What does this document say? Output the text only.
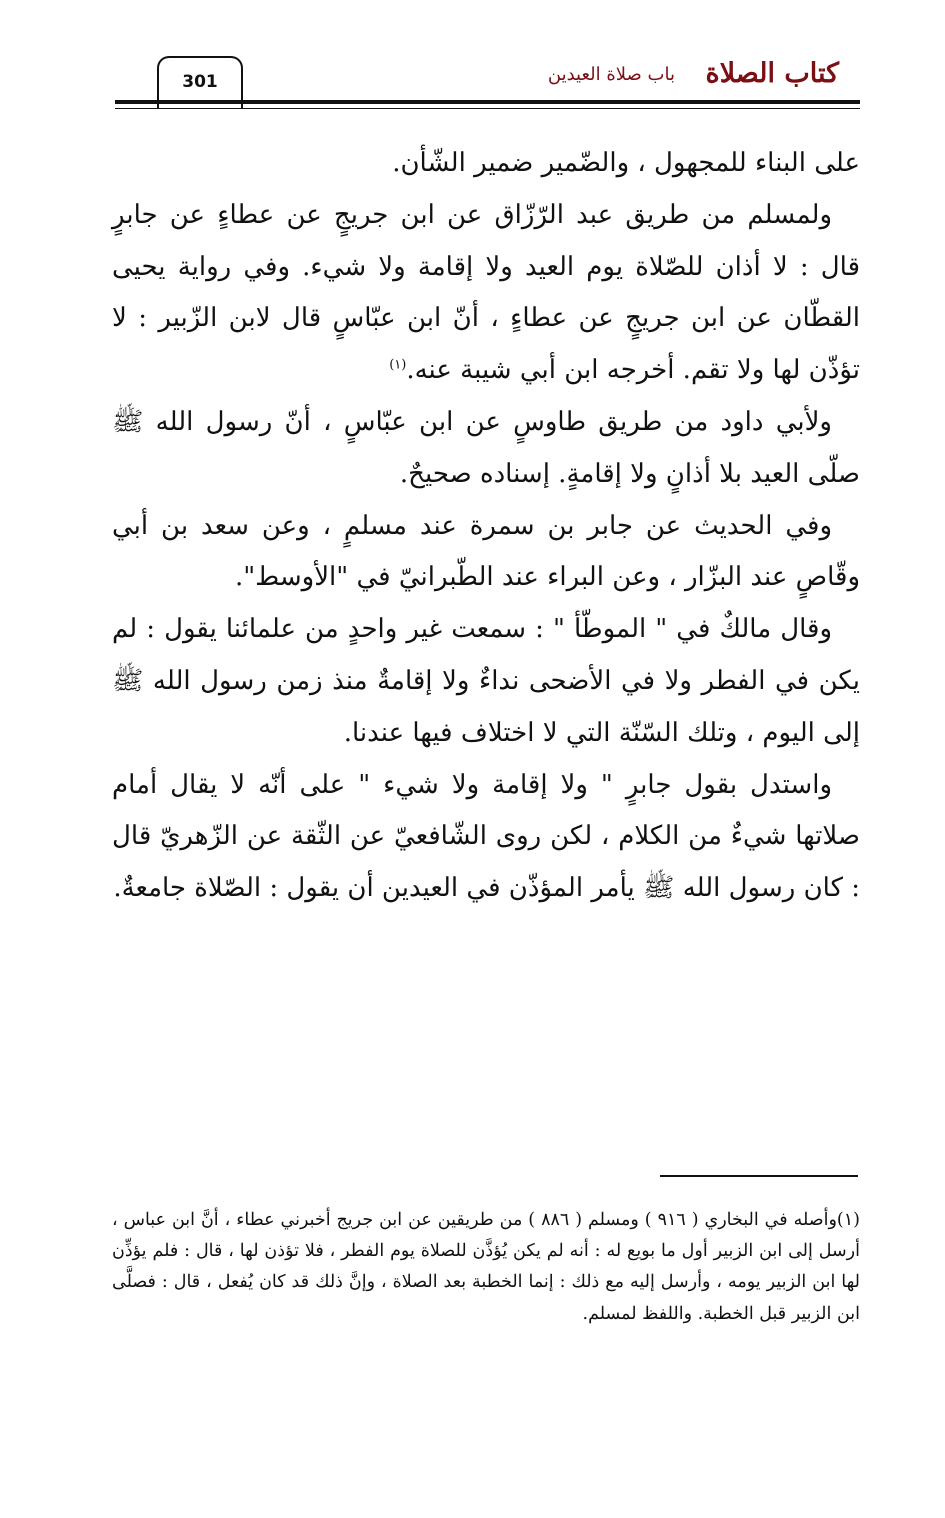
كتاب الصلاة
باب صلاة العيدين
301

على البناء للمجهول ، والضّمير ضمير الشّأن.

ولمسلم من طريق عبد الرّزّاق عن ابن جريجٍ عن عطاءٍ عن جابرٍ قال : لا أذان للصّلاة يوم العيد ولا إقامة ولا شيء. وفي رواية يحيى القطّان عن ابن جريجٍ عن عطاءٍ ، أنّ ابن عبّاسٍ قال لابن الزّبير : لا تؤذّن لها ولا تقم. أخرجه ابن أبي شيبة عنه.$^{(١)}$

ولأبي داود من طريق طاوسٍ عن ابن عبّاسٍ ، أنّ رسول الله ﷺ صلّى العيد بلا أذانٍ ولا إقامةٍ. إسناده صحيحٌ.

وفي الحديث عن جابر بن سمرة عند مسلمٍ ، وعن سعد بن أبي وقّاصٍ عند البزّار ، وعن البراء عند الطّبرانيّ في "الأوسط".

وقال مالكٌ في " الموطّأ " : سمعت غير واحدٍ من علمائنا يقول : لم يكن في الفطر ولا في الأضحى نداءٌ ولا إقامةٌ منذ زمن رسول الله ﷺ إلى اليوم ، وتلك السّنّة التي لا اختلاف فيها عندنا.

واستدل بقول جابرٍ " ولا إقامة ولا شيء " على أنّه لا يقال أمام صلاتها شيءٌ من الكلام ، لكن روى الشّافعيّ عن الثّقة عن الزّهريّ قال : كان رسول الله ﷺ يأمر المؤذّن في العيدين أن يقول : الصّلاة جامعةٌ.

(١)وأصله في البخاري ( ٩١٦ ) ومسلم ( ٨٨٦ ) من طريقين عن ابن جريج أخبرني عطاء ، أنَّ ابن عباس ، أرسل إلى ابن الزبير أول ما بويع له : أنه لم يكن يُؤذَّن للصلاة يوم الفطر ، فلا تؤذن لها ، قال : فلم يؤذِّن لها ابن الزبير يومه ، وأرسل إليه مع ذلك : إنما الخطبة بعد الصلاة ، وإنَّ ذلك قد كان يُفعل ، قال : فصلَّى ابن الزبير قبل الخطبة. واللفظ لمسلم.
